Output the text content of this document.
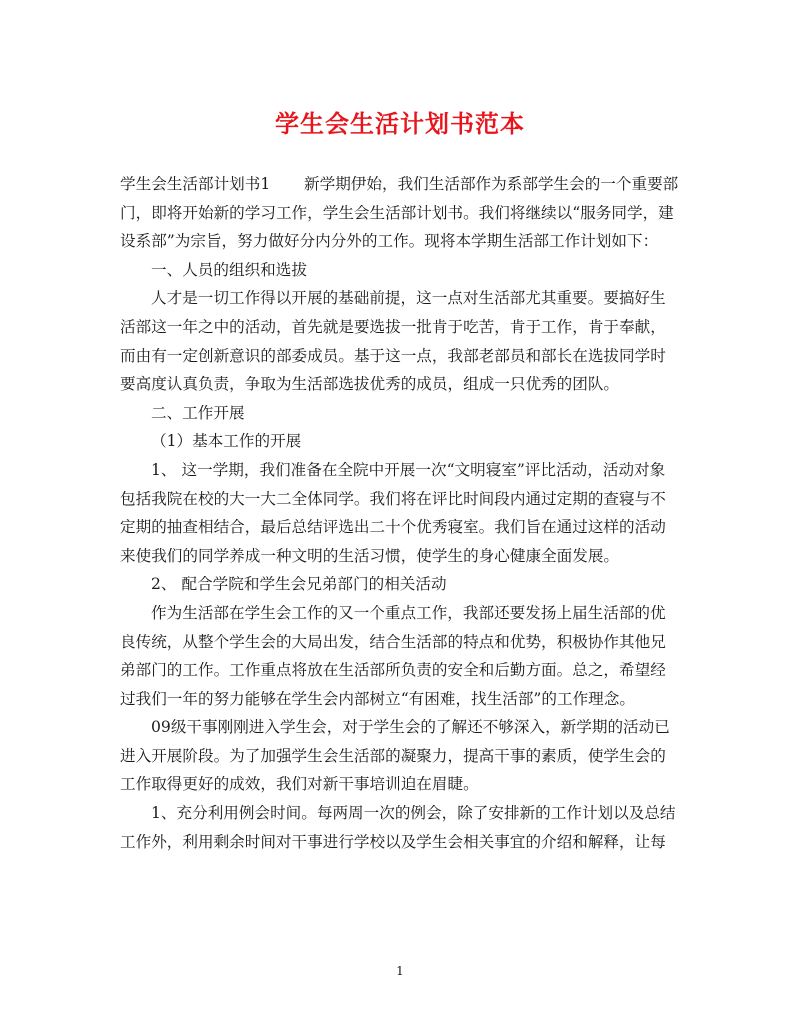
学生会生活计划书范本

学生会生活部计划书1 新学期伊始，我们生活部作为系部学生会的一个重要部门，即将开始新的学习工作，学生会生活部计划书。我们将继续以“服务同学，建设系部”为宗旨，努力做好分内分外的工作。现将本学期生活部工作计划如下：

一、人员的组织和选拔

人才是一切工作得以开展的基础前提，这一点对生活部尤其重要。要搞好生活部这一年之中的活动，首先就是要选拔一批肯于吃苦，肯于工作，肯于奉献，而由有一定创新意识的部委成员。基于这一点，我部老部员和部长在选拔同学时要高度认真负责，争取为生活部选拔优秀的成员，组成一只优秀的团队。

二、工作开展

（1）基本工作的开展

1、 这一学期，我们准备在全院中开展一次“文明寝室”评比活动，活动对象包括我院在校的大一大二全体同学。我们将在评比时间段内通过定期的查寝与不定期的抽查相结合，最后总结评选出二十个优秀寝室。我们旨在通过这样的活动来使我们的同学养成一种文明的生活习惯，使学生的身心健康全面发展。

2、 配合学院和学生会兄弟部门的相关活动

作为生活部在学生会工作的又一个重点工作，我部还要发扬上届生活部的优良传统，从整个学生会的大局出发，结合生活部的特点和优势，积极协作其他兄弟部门的工作。工作重点将放在生活部所负责的安全和后勤方面。总之，希望经过我们一年的努力能够在学生会内部树立“有困难，找生活部”的工作理念。

09级干事刚刚进入学生会，对于学生会的了解还不够深入，新学期的活动已进入开展阶段。为了加强学生会生活部的凝聚力，提高干事的素质，使学生会的工作取得更好的成效，我们对新干事培训迫在眉睫。

1、充分利用例会时间。每两周一次的例会，除了安排新的工作计划以及总结工作外，利用剩余时间对干事进行学校以及学生会相关事宜的介绍和解释，让每

1
